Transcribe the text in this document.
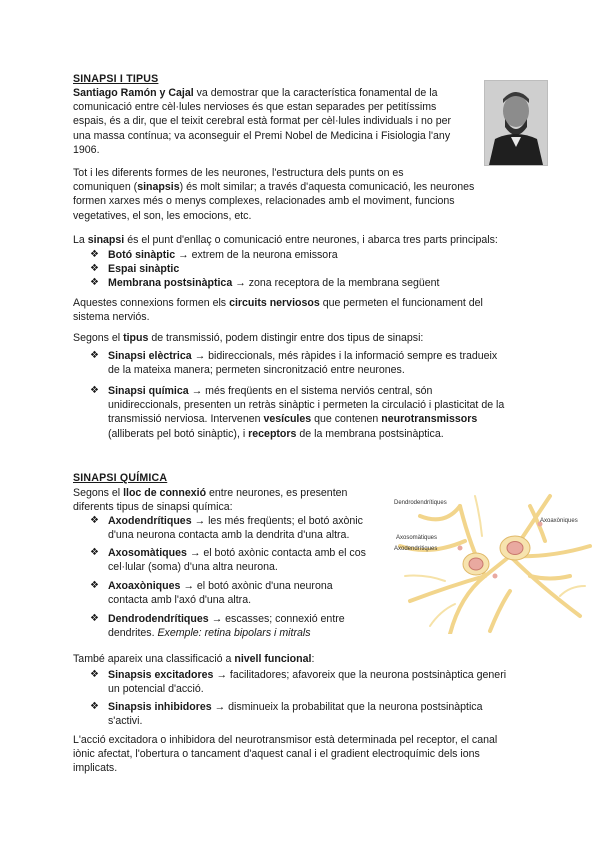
SINAPSI I TIPUS
Santiago Ramón y Cajal va demostrar que la característica fonamental de la
comunicació entre cèl·lules nervioses és que estan separades per petitíssims
espais, és a dir, que el teixit cerebral està format per cèl·lules individuals i no per
una massa contínua; va aconseguir el Premi Nobel de Medicina i Fisiologia l'any
1906.
Tot i les diferents formes de les neurones, l'estructura dels punts on es
comuniquen (sinapsis) és molt similar; a través d'aquesta comunicació, les neurones
formen xarxes més o menys complexes, relacionades amb el moviment, funcions
vegetatives, el son, les emocions, etc.
La sinapsi és el punt d'enllaç o comunicació entre neurones, i abarca tres parts principals:
❖ Botó sinàptic → extrem de la neurona emissora
❖ Espai sinàptic
❖ Membrana postsinàptica → zona receptora de la membrana següent
Aquestes connexions formen els circuits nerviosos que permeten el funcionament del
sistema nerviós.
Segons el tipus de transmissió, podem distingir entre dos tipus de sinapsi:
❖ Sinapsi elèctrica → bidireccionals, més ràpides i la informació sempre es tradueix
de la mateixa manera; permeten sincronització entre neurones.
❖ Sinapsi química → més freqüents en el sistema nerviós central, són
unidireccionals, presenten un retràs sinàptic i permeten la circulació i plasticitat de la
transmissió nerviosa. Intervenen vesícules que contenen neurotransmissors
(alliberats pel botó sinàptic), i receptors de la membrana postsinàptica.
SINAPSI QUÍMICA
Segons el lloc de connexió entre neurones, es presenten
diferents tipus de sinapsi química:
❖ Axodendrítiques → les més freqüents; el botó axònic
d'una neurona contacta amb la dendrita d'una altra.
❖ Axosomàtiques → el botó axònic contacta amb el cos
cel·lular (soma) d'una altra neurona.
❖ Axoaxòniques → el botó axònic d'una neurona
contacta amb l'axó d'una altra.
❖ Dendrodendrítiques → escasses; connexió entre
dendrites. Exemple: retina bipolars i mitrals
Dendrodendrítiques
Axoaxòniques
Axosomàtiques
Axodendrítiques
També apareix una classificació a nivell funcional:
❖ Sinapsis excitadores → facilitadores; afavoreix que la neurona postsinàptica generi
un potencial d'acció.
❖ Sinapsis inhibidores → disminueix la probabilitat que la neurona postsinàptica
s'activi.
L'acció excitadora o inhibidora del neurotransmisor està determinada pel receptor, el canal
iònic afectat, l'obertura o tancament d'aquest canal i el gradient electroquímic dels ions
implicats.
